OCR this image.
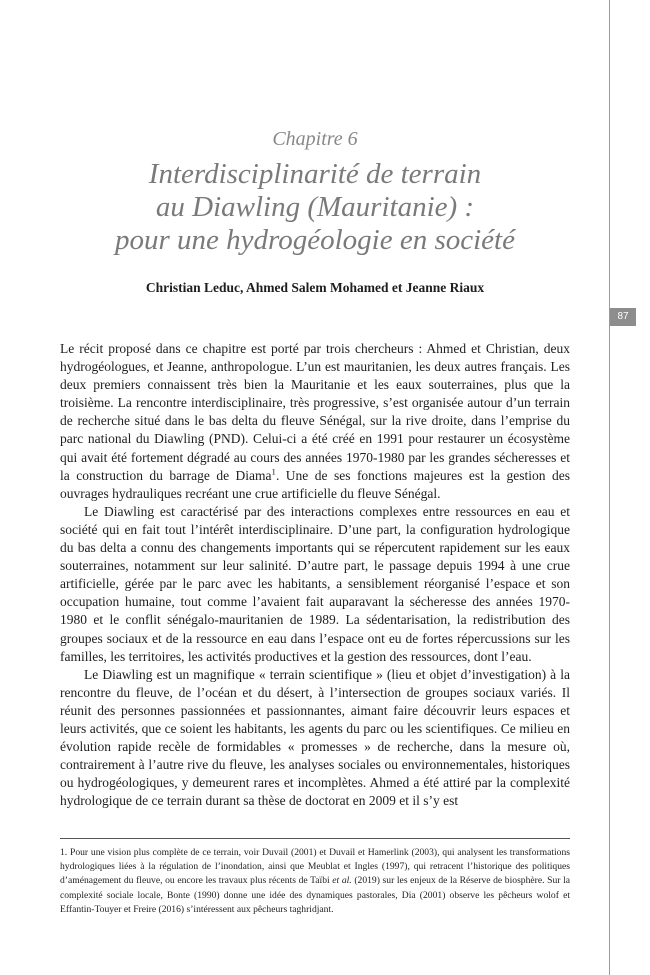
87
Chapitre 6
Interdisciplinarité de terrain
au Diawling (Mauritanie) :
pour une hydrogéologie en société
Christian Leduc, Ahmed Salem Mohamed et Jeanne Riaux

Le récit proposé dans ce chapitre est porté par trois chercheurs : Ahmed et Christian, deux hydrogéologues, et Jeanne, anthropologue. L’un est mauritanien, les deux autres français. Les deux premiers connaissent très bien la Mauritanie et les eaux souterraines, plus que la troisième. La rencontre interdisciplinaire, très progressive, s’est organisée autour d’un terrain de recherche situé dans le bas delta du fleuve Sénégal, sur la rive droite, dans l’emprise du parc national du Diawling (PND). Celui-ci a été créé en 1991 pour restaurer un écosystème qui avait été fortement dégradé au cours des années 1970-1980 par les grandes sécheresses et la construction du barrage de Diama$^1$. Une de ses fonctions majeures est la gestion des ouvrages hydrauliques recréant une crue artificielle du fleuve Sénégal.

Le Diawling est caractérisé par des interactions complexes entre ressources en eau et société qui en fait tout l’intérêt interdisciplinaire. D’une part, la configuration hydrologique du bas delta a connu des changements importants qui se répercutent rapidement sur les eaux souterraines, notamment sur leur salinité. D’autre part, le passage depuis 1994 à une crue artificielle, gérée par le parc avec les habitants, a sensiblement réorganisé l’espace et son occupation humaine, tout comme l’avaient fait auparavant la sécheresse des années 1970-1980 et le conflit sénégalo-mauritanien de 1989. La sédentarisation, la redistribution des groupes sociaux et de la ressource en eau dans l’espace ont eu de fortes répercussions sur les familles, les territoires, les activités productives et la gestion des ressources, dont l’eau.

Le Diawling est un magnifique « terrain scientifique » (lieu et objet d’investigation) à la rencontre du fleuve, de l’océan et du désert, à l’intersection de groupes sociaux variés. Il réunit des personnes passionnées et passionnantes, aimant faire découvrir leurs espaces et leurs activités, que ce soient les habitants, les agents du parc ou les scientifiques. Ce milieu en évolution rapide recèle de formidables « promesses » de recherche, dans la mesure où, contrairement à l’autre rive du fleuve, les analyses sociales ou environnementales, historiques ou hydrogéologiques, y demeurent rares et incomplètes. Ahmed a été attiré par la complexité hydrologique de ce terrain durant sa thèse de doctorat en 2009 et il s’y est

1. Pour une vision plus complète de ce terrain, voir Duvail (2001) et Duvail et Hamerlink (2003), qui analysent les transformations hydrologiques liées à la régulation de l’inondation, ainsi que Meublat et Ingles (1997), qui retracent l’historique des politiques d’aménagement du fleuve, ou encore les travaux plus récents de Taïbi et al. (2019) sur les enjeux de la Réserve de biosphère. Sur la complexité sociale locale, Bonte (1990) donne une idée des dynamiques pastorales, Dia (2001) observe les pêcheurs wolof et Effantin-Touyer et Freire (2016) s’intéressent aux pêcheurs taghridjant.
